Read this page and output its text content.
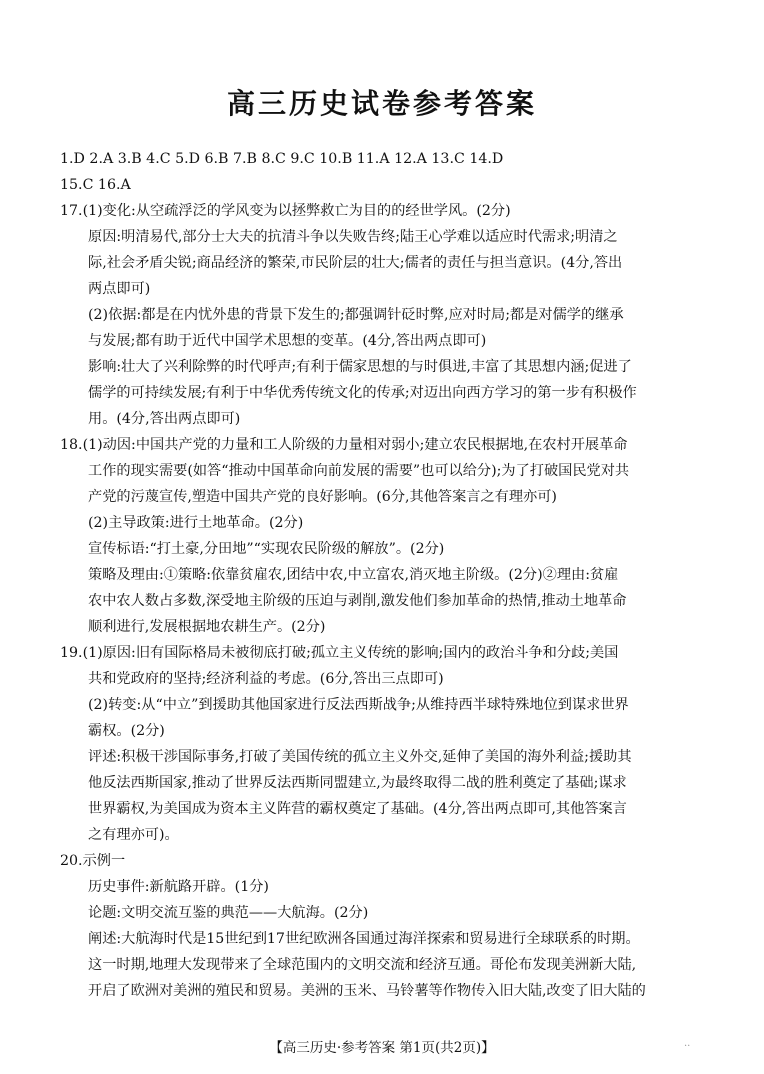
高三历史试卷参考答案
1.D 2.A 3.B 4.C 5.D 6.B 7.B 8.C 9.C 10.B 11.A 12.A 13.C 14.D
15.C 16.A
17.(1)变化:从空疏浮泛的学风变为以拯弊救亡为目的的经世学风。(2分)
原因:明清易代,部分士大夫的抗清斗争以失败告终;陆王心学难以适应时代需求;明清之
际,社会矛盾尖锐;商品经济的繁荣,市民阶层的壮大;儒者的责任与担当意识。(4分,答出
两点即可)
(2)依据:都是在内忧外患的背景下发生的;都强调针砭时弊,应对时局;都是对儒学的继承
与发展;都有助于近代中国学术思想的变革。(4分,答出两点即可)
影响:壮大了兴利除弊的时代呼声;有利于儒家思想的与时俱进,丰富了其思想内涵;促进了
儒学的可持续发展;有利于中华优秀传统文化的传承;对迈出向西方学习的第一步有积极作
用。(4分,答出两点即可)
18.(1)动因:中国共产党的力量和工人阶级的力量相对弱小;建立农民根据地,在农村开展革命
工作的现实需要(如答“推动中国革命向前发展的需要”也可以给分);为了打破国民党对共
产党的污蔑宣传,塑造中国共产党的良好影响。(6分,其他答案言之有理亦可)
(2)主导政策:进行土地革命。(2分)
宣传标语:“打土豪,分田地”“实现农民阶级的解放”。(2分)
策略及理由:①策略:依靠贫雇农,团结中农,中立富农,消灭地主阶级。(2分)②理由:贫雇
农中农人数占多数,深受地主阶级的压迫与剥削,激发他们参加革命的热情,推动土地革命
顺利进行,发展根据地农耕生产。(2分)
19.(1)原因:旧有国际格局未被彻底打破;孤立主义传统的影响;国内的政治斗争和分歧;美国
共和党政府的坚持;经济利益的考虑。(6分,答出三点即可)
(2)转变:从“中立”到援助其他国家进行反法西斯战争;从维持西半球特殊地位到谋求世界
霸权。(2分)
评述:积极干涉国际事务,打破了美国传统的孤立主义外交,延伸了美国的海外利益;援助其
他反法西斯国家,推动了世界反法西斯同盟建立,为最终取得二战的胜利奠定了基础;谋求
世界霸权,为美国成为资本主义阵营的霸权奠定了基础。(4分,答出两点即可,其他答案言
之有理亦可)。
20.示例一
历史事件:新航路开辟。(1分)
论题:文明交流互鉴的典范——大航海。(2分)
阐述:大航海时代是15世纪到17世纪欧洲各国通过海洋探索和贸易进行全球联系的时期。
这一时期,地理大发现带来了全球范围内的文明交流和经济互通。哥伦布发现美洲新大陆,
开启了欧洲对美洲的殖民和贸易。美洲的玉米、马铃薯等作物传入旧大陆,改变了旧大陆的
【高三历史·参考答案 第1页(共2页)】	..
